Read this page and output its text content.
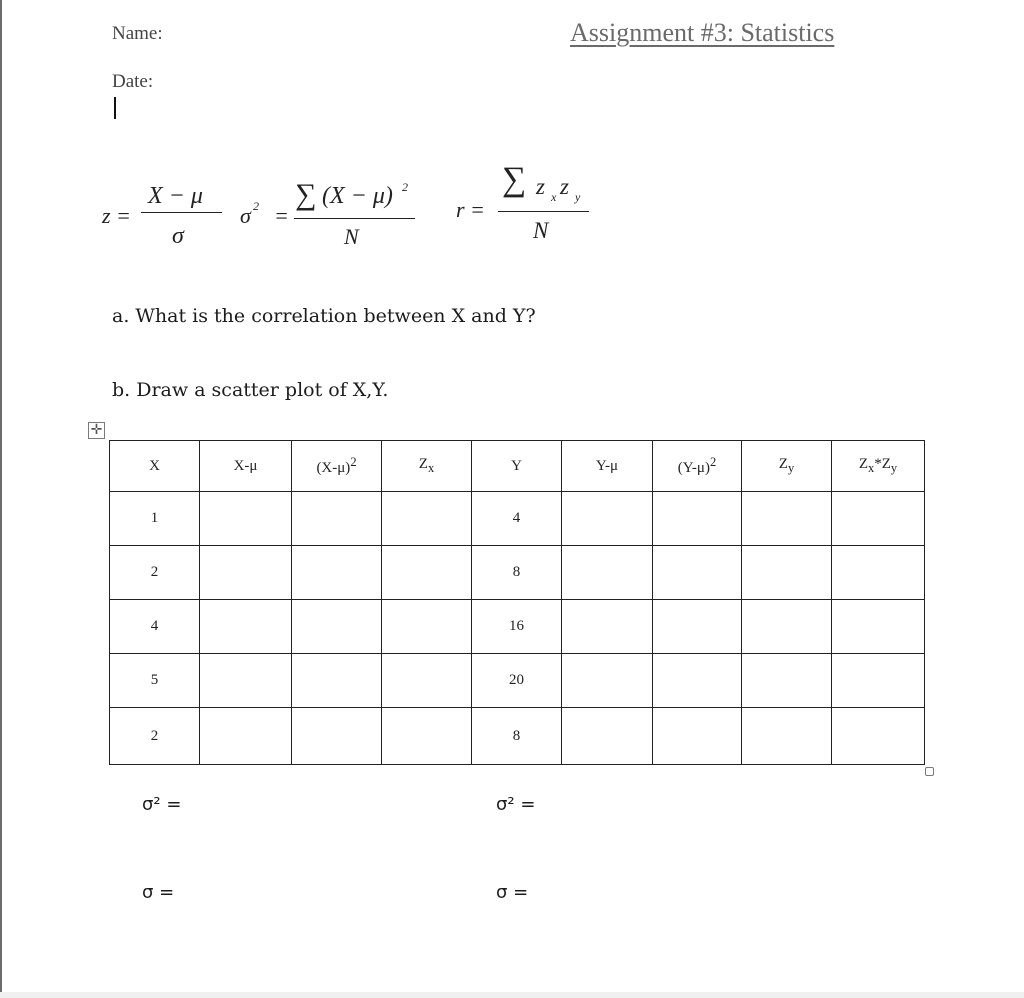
Name:
Date:
Assignment #3: Statistics
z =
X − μ
σ
σ 2 =
∑ (X − μ) 2
N
r =
∑ z x z y
N
a. What is the correlation between X and Y?
b. Draw a scatter plot of X,Y.
✛
X	X-μ	$(X-\mu)^2$	$Z_x$	Y	Y-μ	$(Y-\mu)^2$	$Z_y$	$Z_x*Z_y$
1				4				
2				8				
4				16				
5				20				
2				8				
σ² =
σ =
σ² =
σ =
